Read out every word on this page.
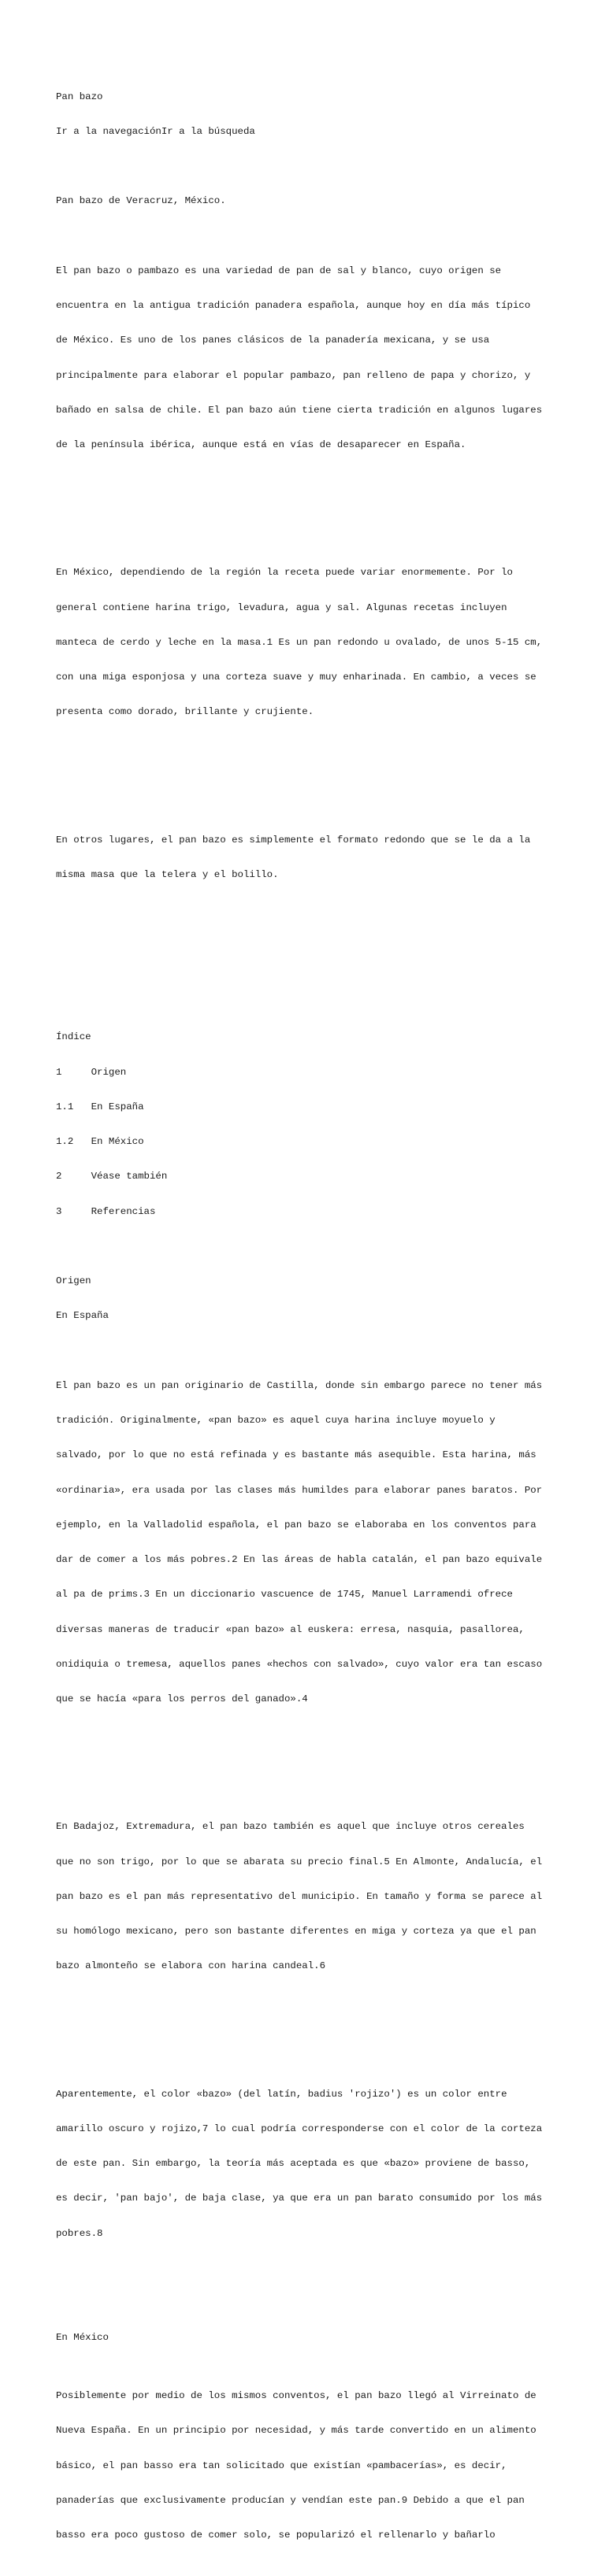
Pan bazo

Ir a la navegaciónIr a la búsqueda

Pan bazo de Veracruz, México.

El pan bazo o pambazo es una variedad de pan de sal y blanco, cuyo origen se

encuentra en la antigua tradición panadera española, aunque hoy en día más típico

de México. Es uno de los panes clásicos de la panadería mexicana, y se usa

principalmente para elaborar el popular pambazo, pan relleno de papa y chorizo, y

bañado en salsa de chile. El pan bazo aún tiene cierta tradición en algunos lugares

de la península ibérica, aunque está en vías de desaparecer en España.

En México, dependiendo de la región la receta puede variar enormemente. Por lo

general contiene harina trigo, levadura, agua y sal. Algunas recetas incluyen

manteca de cerdo y leche en la masa.1 Es un pan redondo u ovalado, de unos 5-15 cm,

con una miga esponjosa y una corteza suave y muy enharinada. En cambio, a veces se

presenta como dorado, brillante y crujiente.

En otros lugares, el pan bazo es simplemente el formato redondo que se le da a la

misma masa que la telera y el bolillo.

Índice

1	Origen

1.1 En España

1.2 En México

2	Véase también

3	Referencias

Origen

En España

El pan bazo es un pan originario de Castilla, donde sin embargo parece no tener más

tradición. Originalmente, «pan bazo» es aquel cuya harina incluye moyuelo y

salvado, por lo que no está refinada y es bastante más asequible. Esta harina, más

«ordinaria», era usada por las clases más humildes para elaborar panes baratos. Por

ejemplo, en la Valladolid española, el pan bazo se elaboraba en los conventos para

dar de comer a los más pobres.2 En las áreas de habla catalán, el pan bazo equivale

al pa de prims.3 En un diccionario vascuence de 1745, Manuel Larramendi ofrece

diversas maneras de traducir «pan bazo» al euskera: erresa, nasquia, pasallorea,

onidiquia o tremesa, aquellos panes «hechos con salvado», cuyo valor era tan escaso

que se hacía «para los perros del ganado».4

En Badajoz, Extremadura, el pan bazo también es aquel que incluye otros cereales

que no son trigo, por lo que se abarata su precio final.5 En Almonte, Andalucía, el

pan bazo es el pan más representativo del municipio. En tamaño y forma se parece al

su homólogo mexicano, pero son bastante diferentes en miga y corteza ya que el pan

bazo almonteño se elabora con harina candeal.6

Aparentemente, el color «bazo» (del latín, badius 'rojizo') es un color entre

amarillo oscuro y rojizo,7 lo cual podría corresponderse con el color de la corteza

de este pan. Sin embargo, la teoría más aceptada es que «bazo» proviene de basso,

es decir, 'pan bajo', de baja clase, ya que era un pan barato consumido por los más

pobres.8

En México

Posiblemente por medio de los mismos conventos, el pan bazo llegó al Virreinato de

Nueva España. En un principio por necesidad, y más tarde convertido en un alimento

básico, el pan basso era tan solicitado que existían «pambacerías», es decir,

panaderías que exclusivamente producían y vendían este pan.9 Debido a que el pan

basso era poco gustoso de comer solo, se popularizó el rellenarlo y bañarlo
